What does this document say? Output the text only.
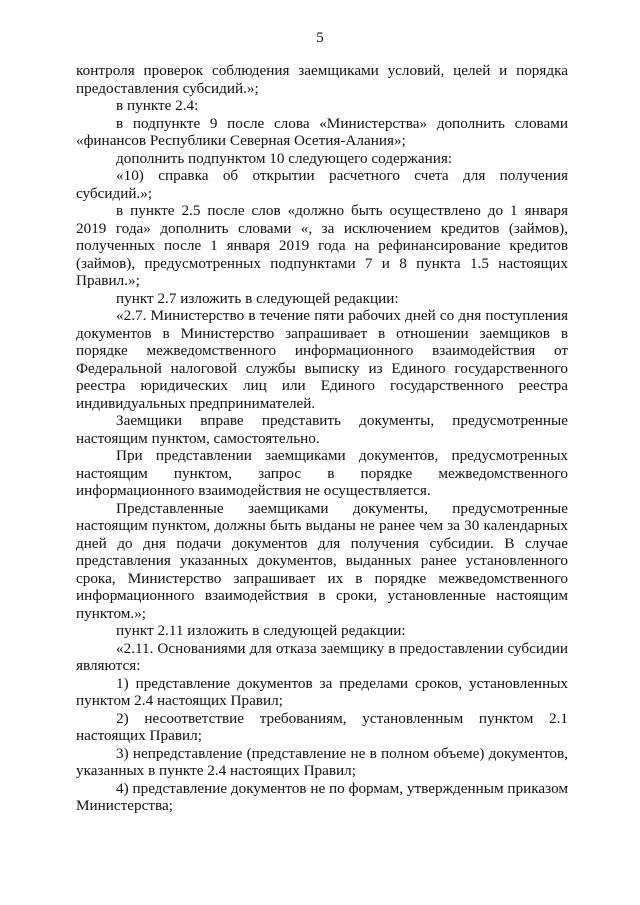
5

контроля проверок соблюдения заемщиками условий, целей и порядка предоставления субсидий.»;

в пункте 2.4:

в подпункте 9 после слова «Министерства» дополнить словами «финансов Республики Северная Осетия-Алания»;

дополнить подпунктом 10 следующего содержания:

«10) справка об открытии расчетного счета для получения субсидий.»;

в пункте 2.5 после слов «должно быть осуществлено до 1 января 2019 года» дополнить словами «, за исключением кредитов (займов), полученных после 1 января 2019 года на рефинансирование кредитов (займов), предусмотренных подпунктами 7 и 8 пункта 1.5 настоящих Правил.»;

пункт 2.7 изложить в следующей редакции:

«2.7. Министерство в течение пяти рабочих дней со дня поступления документов в Министерство запрашивает в отношении заемщиков в порядке межведомственного информационного взаимодействия от Федеральной налоговой службы выписку из Единого государственного реестра юридических лиц или Единого государственного реестра индивидуальных предпринимателей.

Заемщики вправе представить документы, предусмотренные настоящим пунктом, самостоятельно.

При представлении заемщиками документов, предусмотренных настоящим пунктом, запрос в порядке межведомственного информационного взаимодействия не осуществляется.

Представленные заемщиками документы, предусмотренные настоящим пунктом, должны быть выданы не ранее чем за 30 календарных дней до дня подачи документов для получения субсидии. В случае представления указанных документов, выданных ранее установленного срока, Министерство запрашивает их в порядке межведомственного информационного взаимодействия в сроки, установленные настоящим пунктом.»;

пункт 2.11 изложить в следующей редакции:

«2.11. Основаниями для отказа заемщику в предоставлении субсидии являются:

1) представление документов за пределами сроков, установленных пунктом 2.4 настоящих Правил;

2) несоответствие требованиям, установленным пунктом 2.1 настоящих Правил;

3) непредставление (представление не в полном объеме) документов, указанных в пункте 2.4 настоящих Правил;

4) представление документов не по формам, утвержденным приказом Министерства;
